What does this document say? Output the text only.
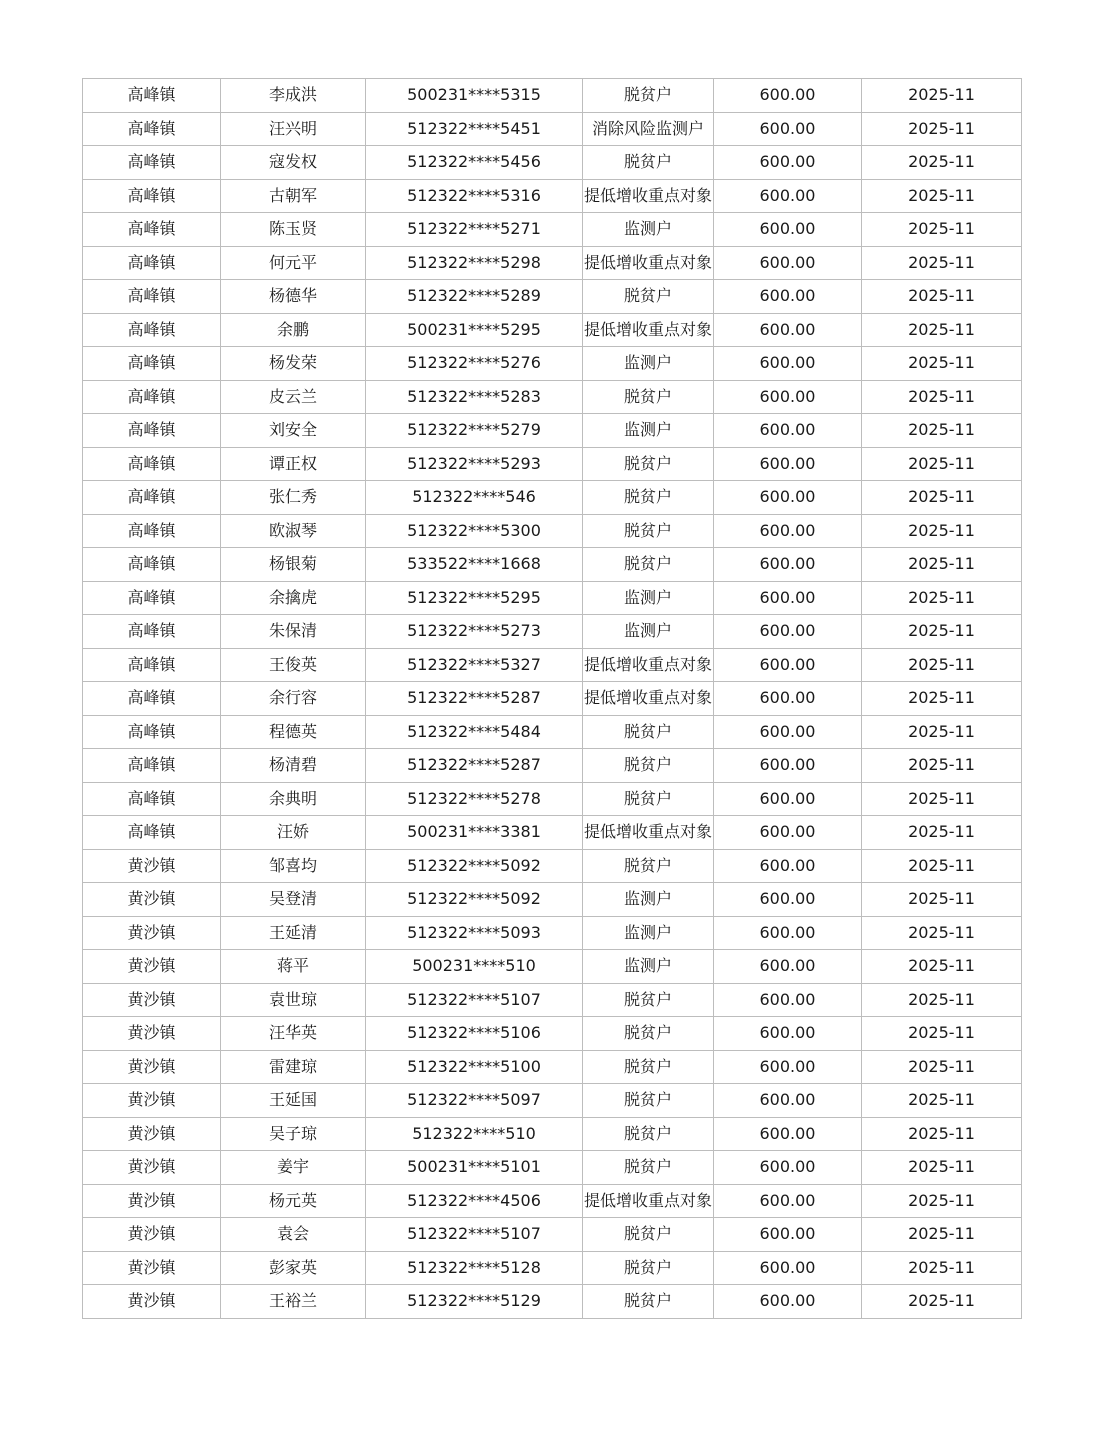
高峰镇	李成洪	500231****5315	脱贫户	600.00	2025-11
高峰镇	汪兴明	512322****5451	消除风险监测户	600.00	2025-11
高峰镇	寇发权	512322****5456	脱贫户	600.00	2025-11
高峰镇	古朝军	512322****5316	提低增收重点对象	600.00	2025-11
高峰镇	陈玉贤	512322****5271	监测户	600.00	2025-11
高峰镇	何元平	512322****5298	提低增收重点对象	600.00	2025-11
高峰镇	杨德华	512322****5289	脱贫户	600.00	2025-11
高峰镇	余鹏	500231****5295	提低增收重点对象	600.00	2025-11
高峰镇	杨发荣	512322****5276	监测户	600.00	2025-11
高峰镇	皮云兰	512322****5283	脱贫户	600.00	2025-11
高峰镇	刘安全	512322****5279	监测户	600.00	2025-11
高峰镇	谭正权	512322****5293	脱贫户	600.00	2025-11
高峰镇	张仁秀	512322****546	脱贫户	600.00	2025-11
高峰镇	欧淑琴	512322****5300	脱贫户	600.00	2025-11
高峰镇	杨银菊	533522****1668	脱贫户	600.00	2025-11
高峰镇	余擒虎	512322****5295	监测户	600.00	2025-11
高峰镇	朱保清	512322****5273	监测户	600.00	2025-11
高峰镇	王俊英	512322****5327	提低增收重点对象	600.00	2025-11
高峰镇	余行容	512322****5287	提低增收重点对象	600.00	2025-11
高峰镇	程德英	512322****5484	脱贫户	600.00	2025-11
高峰镇	杨清碧	512322****5287	脱贫户	600.00	2025-11
高峰镇	余典明	512322****5278	脱贫户	600.00	2025-11
高峰镇	汪娇	500231****3381	提低增收重点对象	600.00	2025-11
黄沙镇	邹喜均	512322****5092	脱贫户	600.00	2025-11
黄沙镇	吴登清	512322****5092	监测户	600.00	2025-11
黄沙镇	王延清	512322****5093	监测户	600.00	2025-11
黄沙镇	蒋平	500231****510	监测户	600.00	2025-11
黄沙镇	袁世琼	512322****5107	脱贫户	600.00	2025-11
黄沙镇	汪华英	512322****5106	脱贫户	600.00	2025-11
黄沙镇	雷建琼	512322****5100	脱贫户	600.00	2025-11
黄沙镇	王延国	512322****5097	脱贫户	600.00	2025-11
黄沙镇	吴子琼	512322****510	脱贫户	600.00	2025-11
黄沙镇	姜宇	500231****5101	脱贫户	600.00	2025-11
黄沙镇	杨元英	512322****4506	提低增收重点对象	600.00	2025-11
黄沙镇	袁会	512322****5107	脱贫户	600.00	2025-11
黄沙镇	彭家英	512322****5128	脱贫户	600.00	2025-11
黄沙镇	王裕兰	512322****5129	脱贫户	600.00	2025-11
